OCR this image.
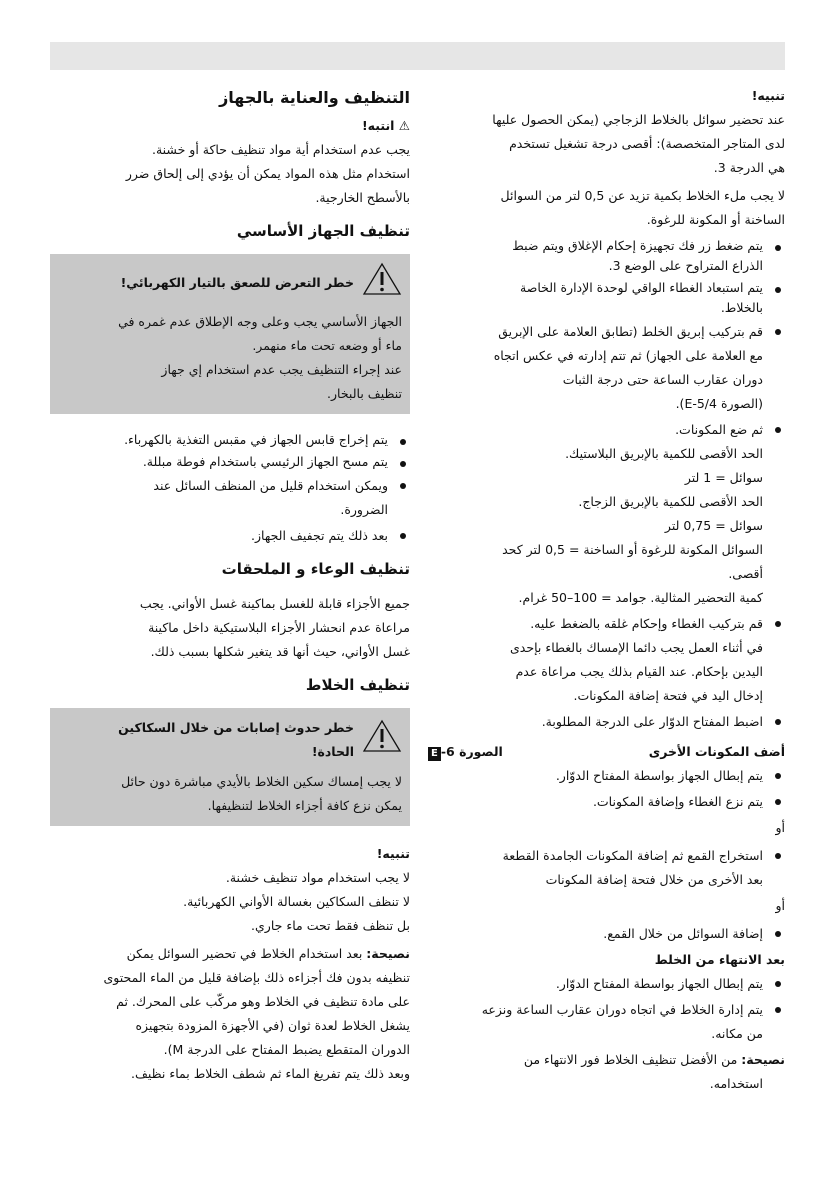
تنبيه!
عند تحضير سوائل بالخلاط الزجاجي (يمكن الحصول عليها
لدى المتاجر المتخصصة): أقصى درجة تشغيل تستخدم
هي الدرجة 3.
لا يجب ملء الخلاط بكمية تزيد عن 0,5 لتر من السوائل
الساخنة أو المكونة للرغوة.
يتم ضغط زر فك تجهيزة إحكام الإغلاق ويتم ضبط
الذراع المتراوح على الوضع 3.
يتم استبعاد الغطاء الواقي لوحدة الإدارة الخاصة
بالخلاط.
قم بتركيب إبريق الخلط (تطابق العلامة على الإبريق
مع العلامة على الجهاز) ثم تتم إدارته في عكس اتجاه
دوران عقارب الساعة حتى درجة الثبات
(الصورة 5/4-E).
ثم ضع المكونات.
الحد الأقصى للكمية بالإبريق البلاستيك.
سوائل = 1 لتر
الحد الأقصى للكمية بالإبريق الزجاج.
سوائل = 0,75 لتر
السوائل المكونة للرغوة أو الساخنة = 0,5 لتر كحد
أقصى.
كمية التحضير المثالية. جوامد = 100–50 غرام.
قم بتركيب الغطاء وإحكام غلقه بالضغط عليه.
في أثناء العمل يجب دائما الإمساك بالغطاء بإحدى
اليدين بإحكام. عند القيام بذلك يجب مراعاة عدم
إدخال اليد في فتحة إضافة المكونات.
اضبط المفتاح الدوّار على الدرجة المطلوبة.
أضف المكونات الأخرى
الصورة 6-E
يتم إبطال الجهاز بواسطة المفتاح الدوّار.
يتم نزع الغطاء وإضافة المكونات.
أو
استخراج القمع ثم إضافة المكونات الجامدة القطعة
بعد الأخرى من خلال فتحة إضافة المكونات
أو
إضافة السوائل من خلال القمع.
بعد الانتهاء من الخلط
يتم إبطال الجهاز بواسطة المفتاح الدوّار.
يتم إدارة الخلاط في اتجاه دوران عقارب الساعة ونزعه
من مكانه.
نصيحة: من الأفضل تنظيف الخلاط فور الانتهاء من
استخدامه.
التنظيف والعناية بالجهاز
⚠ انتبه!
يجب عدم استخدام أية مواد تنظيف حاكة أو خشنة.
استخدام مثل هذه المواد يمكن أن يؤدي إلى إلحاق ضرر
بالأسطح الخارجية.
تنظيف الجهاز الأساسي
خطر التعرض للصعق بالتيار الكهربائي!
الجهاز الأساسي يجب وعلى وجه الإطلاق عدم غمره في
ماء أو وضعه تحت ماء منهمر.
عند إجراء التنظيف يجب عدم استخدام إي جهاز
تنظيف بالبخار.
يتم إخراج قابس الجهاز في مقبس التغذية بالكهرباء.
يتم مسح الجهاز الرئيسي باستخدام فوطة مبللة.
ويمكن استخدام قليل من المنظف السائل عند
الضرورة.
بعد ذلك يتم تجفيف الجهاز.
تنظيف الوعاء و الملحقات
جميع الأجزاء قابلة للغسل بماكينة غسل الأواني. يجب
مراعاة عدم انحشار الأجزاء البلاستيكية داخل ماكينة
غسل الأواني، حيث أنها قد يتغير شكلها بسبب ذلك.
تنظيف الخلاط
خطر حدوث إصابات من خلال السكاكين
الحادة!
لا يجب إمساك سكين الخلاط بالأيدي مباشرة دون حائل
يمكن نزع كافة أجزاء الخلاط لتنظيفها.
تنبيه!
لا يجب استخدام مواد تنظيف خشنة.
لا تنظف السكاكين بغسالة الأواني الكهربائية.
بل تنظف فقط تحت ماء جاري.
نصيحة: بعد استخدام الخلاط في تحضير السوائل يمكن
تنظيفه بدون فك أجزاءه ذلك بإضافة قليل من الماء المحتوى
على مادة تنظيف في الخلاط وهو مركّب على المحرك. ثم
يشغل الخلاط لعدة ثوان (في الأجهزة المزودة بتجهيزه
الدوران المتقطع يضبط المفتاح على الدرجة M).
وبعد ذلك يتم تفريغ الماء ثم شطف الخلاط بماء نظيف.
